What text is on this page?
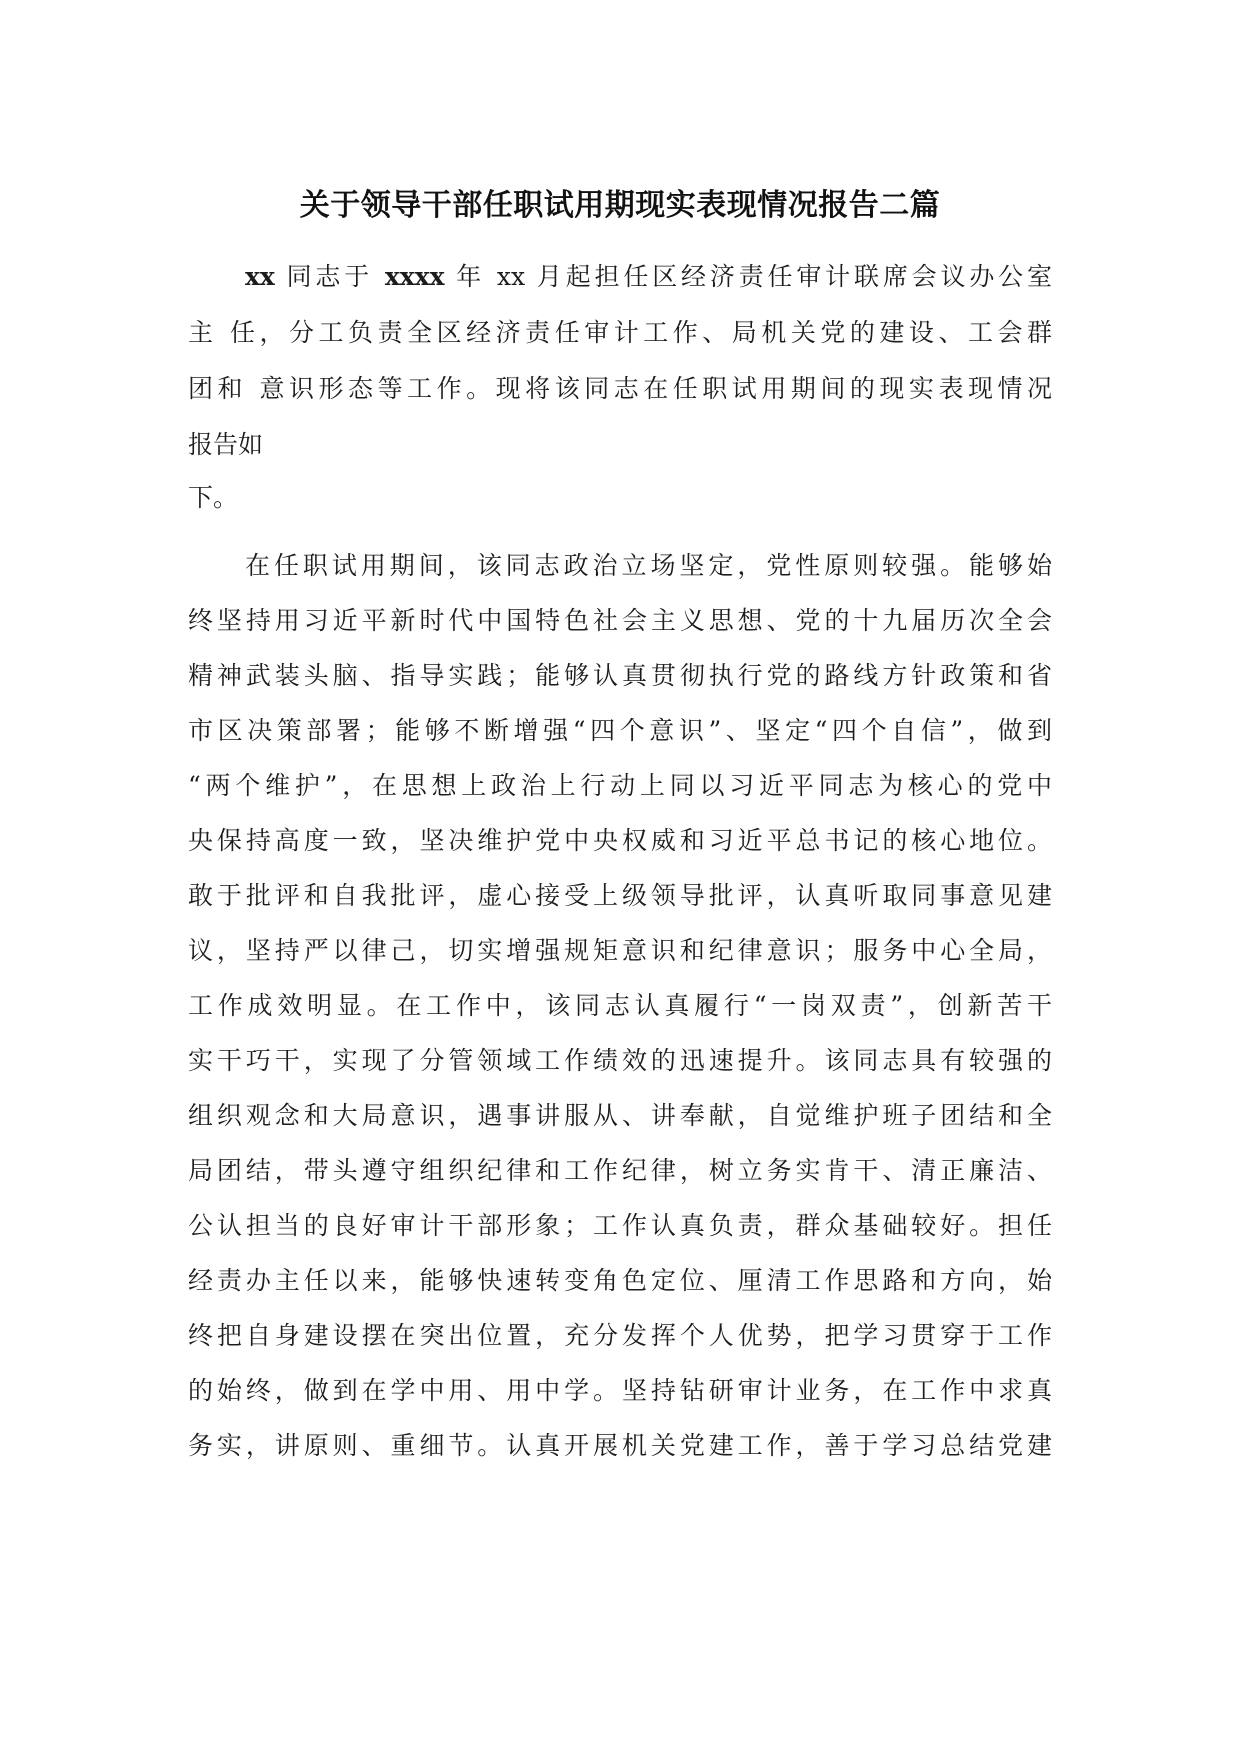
关于领导干部任职试用期现实表现情况报告二篇
xx 同志于 xxxx 年 xx 月起担任区经济责任审计联席会议办公室
主 任，分工负责全区经济责任审计工作、局机关党的建设、工会群
团和 意识形态等工作。现将该同志在任职试用期间的现实表现情况
报告如
下。
在任职试用期间，该同志政治立场坚定，党性原则较强。能够始
终坚持用习近平新时代中国特色社会主义思想、党的十九届历次全会
精神武装头脑、指导实践；能够认真贯彻执行党的路线方针政策和省
市区决策部署；能够不断增强“四个意识”、坚定“四个自信”，做到
“两个维护”，在思想上政治上行动上同以习近平同志为核心的党中
央保持高度一致，坚决维护党中央权威和习近平总书记的核心地位。
敢于批评和自我批评，虚心接受上级领导批评，认真听取同事意见建
议，坚持严以律己，切实增强规矩意识和纪律意识；服务中心全局，
工作成效明显。在工作中，该同志认真履行“一岗双责”，创新苦干
实干巧干，实现了分管领域工作绩效的迅速提升。该同志具有较强的
组织观念和大局意识，遇事讲服从、讲奉献，自觉维护班子团结和全
局团结，带头遵守组织纪律和工作纪律，树立务实肯干、清正廉洁、
公认担当的良好审计干部形象；工作认真负责，群众基础较好。担任
经责办主任以来，能够快速转变角色定位、厘清工作思路和方向，始
终把自身建设摆在突出位置，充分发挥个人优势，把学习贯穿于工作
的始终，做到在学中用、用中学。坚持钻研审计业务，在工作中求真
务实，讲原则、重细节。认真开展机关党建工作，善于学习总结党建
